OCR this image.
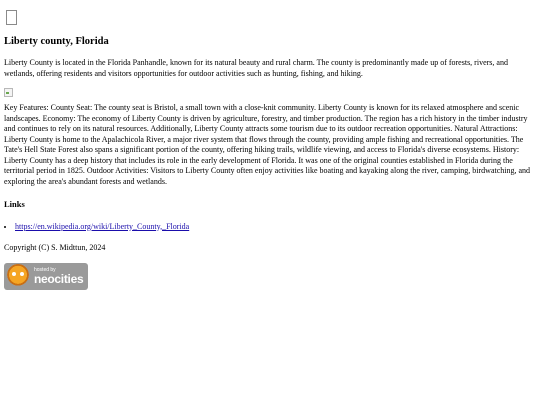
Liberty county, Florida

Liberty County is located in the Florida Panhandle, known for its natural beauty and rural charm. The county is predominantly made up of forests, rivers, and wetlands, offering residents and visitors opportunities for outdoor activities such as hunting, fishing, and hiking.

Key Features: County Seat: The county seat is Bristol, a small town with a close-knit community. Liberty County is known for its relaxed atmosphere and scenic landscapes. Economy: The economy of Liberty County is driven by agriculture, forestry, and timber production. The region has a rich history in the timber industry and continues to rely on its natural resources. Additionally, Liberty County attracts some tourism due to its outdoor recreation opportunities. Natural Attractions: Liberty County is home to the Apalachicola River, a major river system that flows through the county, providing ample fishing and recreational opportunities. The Tate's Hell State Forest also spans a significant portion of the county, offering hiking trails, wildlife viewing, and access to Florida's diverse ecosystems. History: Liberty County has a deep history that includes its role in the early development of Florida. It was one of the original counties established in Florida during the territorial period in 1825. Outdoor Activities: Visitors to Liberty County often enjoy activities like boating and kayaking along the river, camping, birdwatching, and exploring the area's abundant forests and wetlands.

Links
• https://en.wikipedia.org/wiki/Liberty_County,_Florida

Copyright (C) S. Midttun, 2024

hosted by
neocities
